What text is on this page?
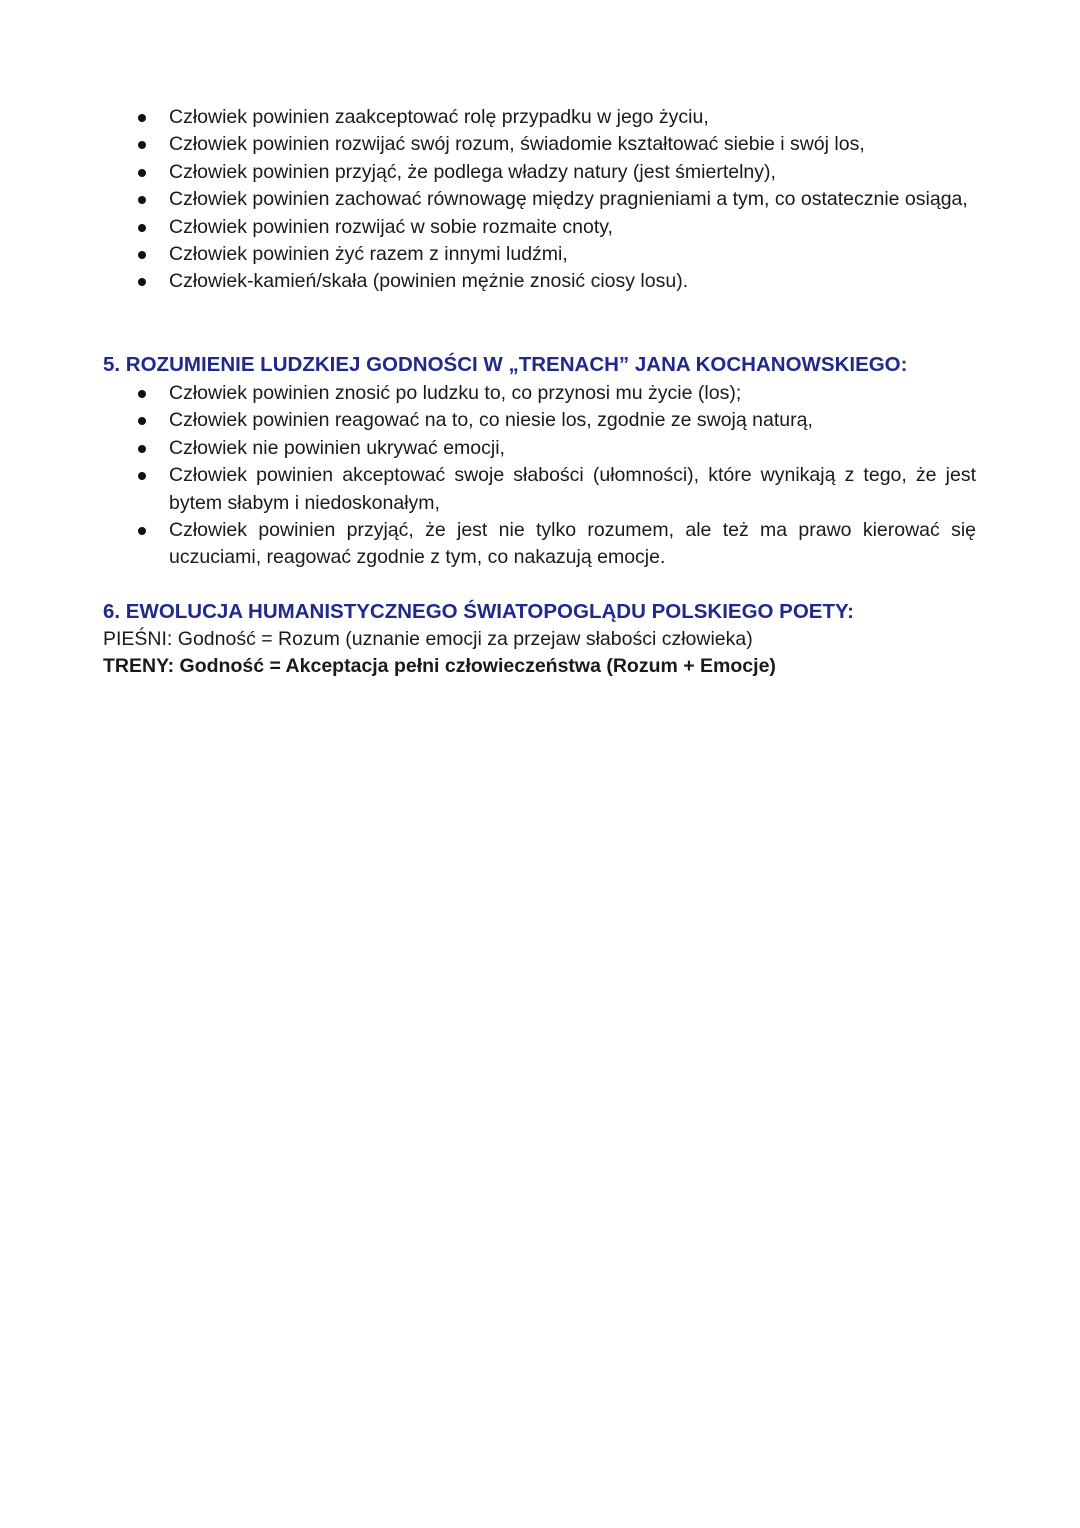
Człowiek powinien zaakceptować rolę przypadku w jego życiu,
Człowiek powinien rozwijać swój rozum, świadomie kształtować siebie i swój los,
Człowiek powinien przyjąć, że podlega władzy natury (jest śmiertelny),
Człowiek powinien zachować równowagę między pragnieniami a tym, co ostatecznie osiąga,
Człowiek powinien rozwijać w sobie rozmaite cnoty,
Człowiek powinien żyć razem z innymi ludźmi,
Człowiek-kamień/skała (powinien mężnie znosić ciosy losu).
5. ROZUMIENIE LUDZKIEJ GODNOŚCI W „TRENACH” JANA KOCHANOWSKIEGO:
Człowiek powinien znosić po ludzku to, co przynosi mu życie (los);
Człowiek powinien reagować na to, co niesie los, zgodnie ze swoją naturą,
Człowiek nie powinien ukrywać emocji,
Człowiek powinien akceptować swoje słabości (ułomności), które wynikają z tego, że jest bytem słabym i niedoskonałym,
Człowiek powinien przyjąć, że jest nie tylko rozumem, ale też ma prawo kierować się uczuciami, reagować zgodnie z tym, co nakazują emocje.
6. EWOLUCJA HUMANISTYCZNEGO ŚWIATOPOGLĄDU POLSKIEGO POETY:

PIEŚNI: Godność = Rozum (uznanie emocji za przejaw słabości człowieka)

TRENY: Godność = Akceptacja pełni człowieczeństwa (Rozum + Emocje)
